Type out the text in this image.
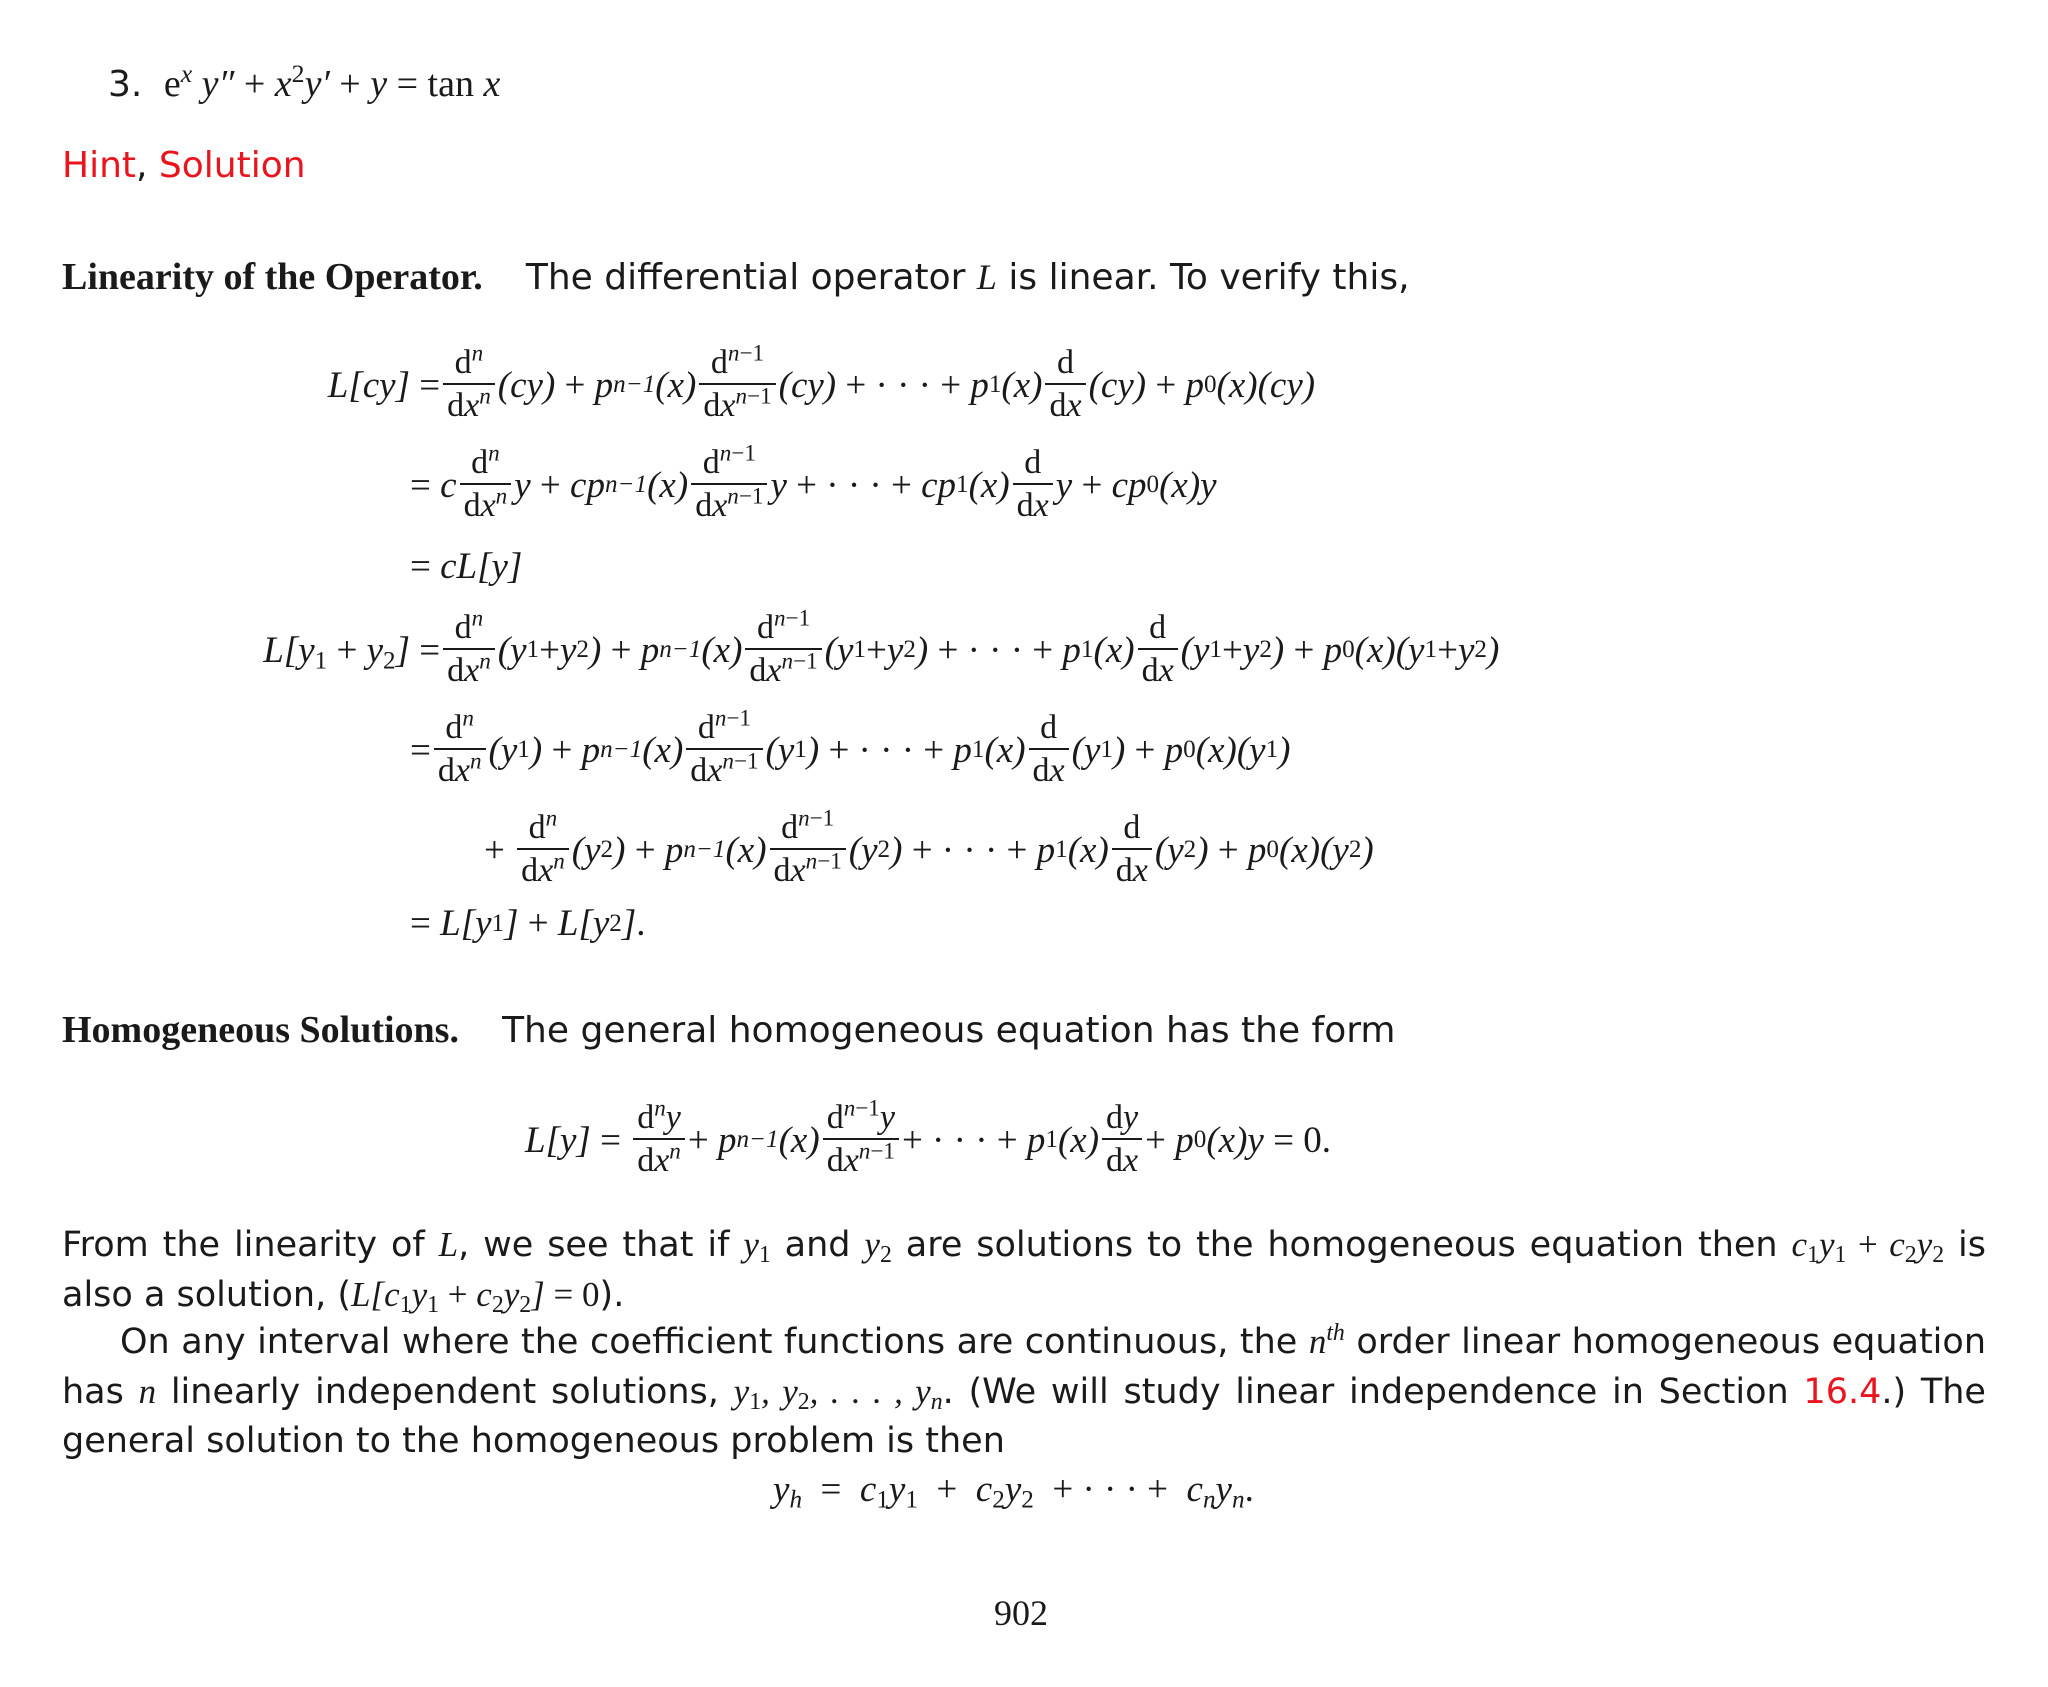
3. $e^x$ $y'' + x^2y' + y = \tan x$
Hint, Solution
Linearity of the Operator. The differential operator L is linear. To verify this,
L[cy]
= $\frac{d^n}{dx^n} (cy) + p$ n−1 $(x) \frac{d^{n-1}}{dx^{n-1}} (cy)$ + · · · + p 1 $(x) \frac{d}{dx} (cy) + p$ 0 (x)(cy)
= c $\frac{d^n}{dx^n}$ y + cp n−1 $(x) \frac{d^{n-1}}{dx^{n-1}}$ y + · · · + cp 1 $(x) \frac{d}{dx}$ y + cp 0 (x)y
= cL[y]
$L[y_1 + y_2]$
= $\frac{d^n}{dx^n} (y$ 1 + y 2 ) + p n−1 $(x) \frac{d^{n-1}}{dx^{n-1}} (y$ 1 + y 2 ) + · · · + p 1 $(x) \frac{d}{dx} (y$ 1 + y 2 ) + p 0 (x)(y 1 + y 2 )
= $\frac{d^n}{dx^n} (y$ 1 ) + p n−1 $(x) \frac{d^{n-1}}{dx^{n-1}} (y$ 1 ) + · · · + p 1 $(x) \frac{d}{dx} (y$ 1 ) + p 0 (x)(y 1 )
+
$\frac{d^n}{dx^n} (y$ 2 ) + p n−1 $(x) \frac{d^{n-1}}{dx^{n-1}} (y$ 2 ) + · · · + p 1 $(x) \frac{d}{dx} (y$ 2 ) + p 0 (x)(y 2 )
= L[y 1 ] + L[y 2 ] .
Homogeneous Solutions. The general homogeneous equation has the form
$L[y] = \frac{d^ny}{dx^n} + p$ n−1 $(x) \frac{d^{n-1}y}{dx^{n-1}}$ + · · · + p 1 $(x) \frac{dy}{dx} + p$ 0 (x)y = 0.

From the linearity of L, we see that if $y_1$ and $y_2$ are solutions to the homogeneous equation then $c_1y_1 + c_2y_2$ is also a solution, $(L[c_1y_1 + c_2y_2] = 0)$.

On any interval where the coefficient functions are continuous, the $n^{th}$ order linear homogeneous equation has n linearly independent solutions, $y_1$, $y_2$, . . . , $y_n$. (We will study linear independence in Section 16.4.) The general solution to the homogeneous problem is then

$y_h = c_1y_1 + c_2y_2$  + · · · +  $c_ny_n$.
902
